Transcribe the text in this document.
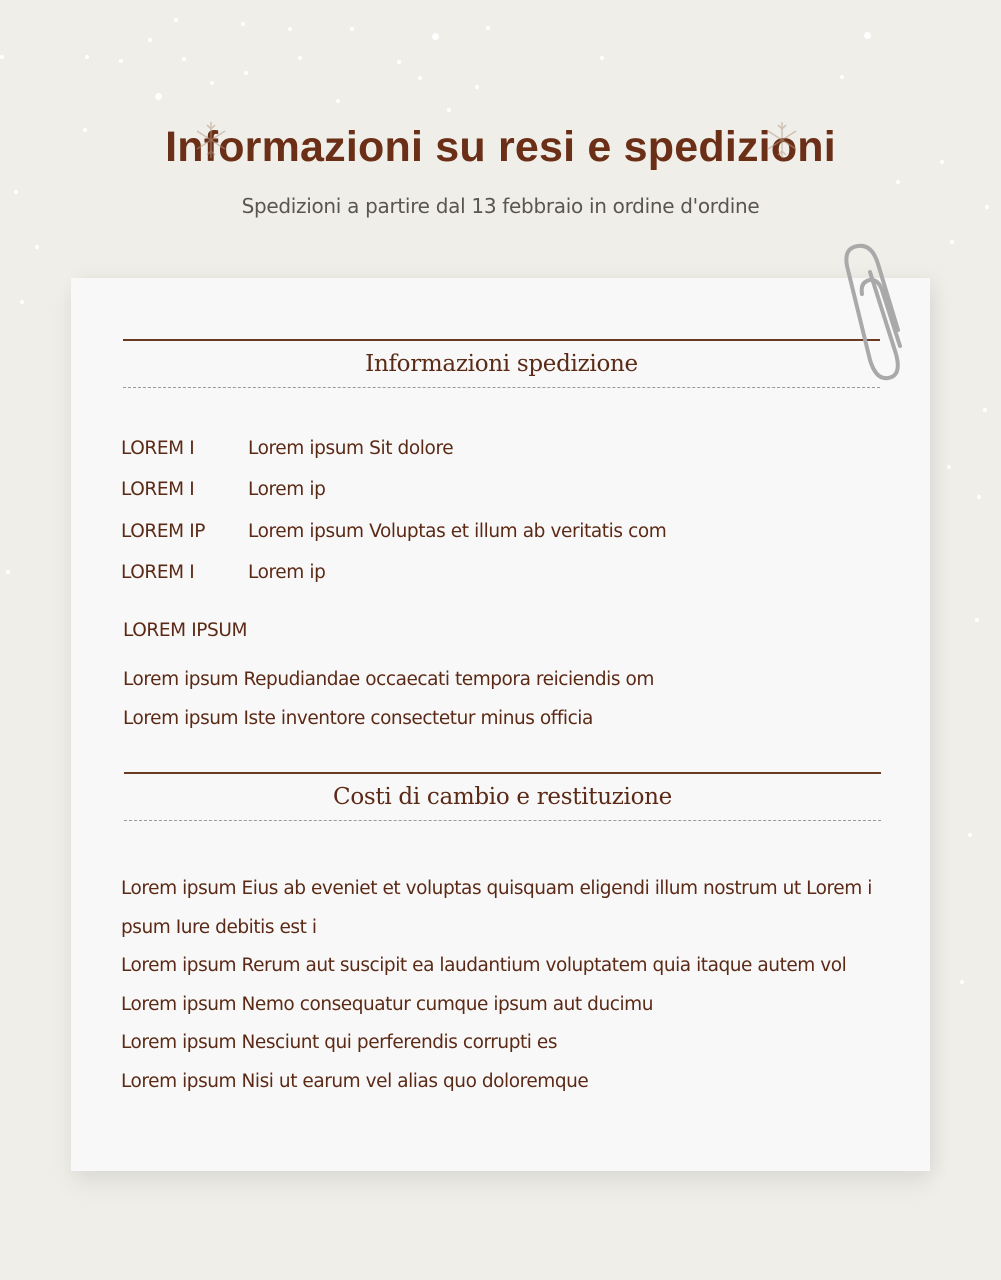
Informazioni su resi e spedizioni
Spedizioni a partire dal 13 febbraio in ordine d'ordine
Informazioni spedizione
LOREM I	Lorem ipsum Sit dolore
LOREM I	Lorem ip
LOREM IP	Lorem ipsum Voluptas et illum ab veritatis com
LOREM I	Lorem ip
LOREM IPSUM
Lorem ipsum Repudiandae occaecati tempora reiciendis om
Lorem ipsum Iste inventore consectetur minus officia
Costi di cambio e restituzione
Lorem ipsum Eius ab eveniet et voluptas quisquam eligendi illum nostrum ut Lorem i
psum Iure debitis est i
Lorem ipsum Rerum aut suscipit ea laudantium voluptatem quia itaque autem vol
Lorem ipsum Nemo consequatur cumque ipsum aut ducimu
Lorem ipsum Nesciunt qui perferendis corrupti es
Lorem ipsum Nisi ut earum vel alias quo doloremque
